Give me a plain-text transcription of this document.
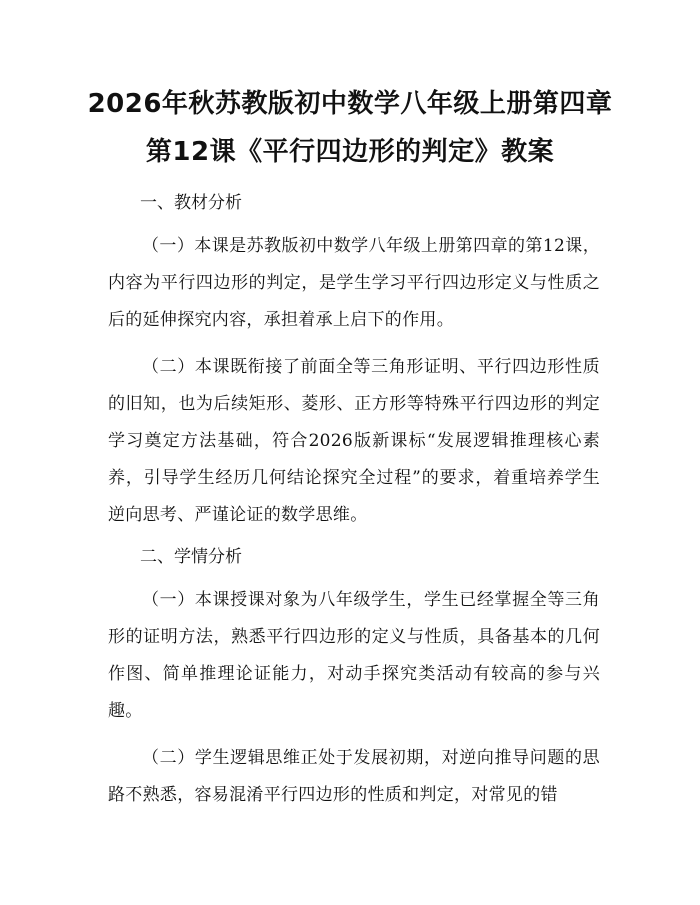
2026年秋苏教版初中数学八年级上册第四章
第12课《平行四边形的判定》教案
一、教材分析
（一）本课是苏教版初中数学八年级上册第四章的第12课，内容为平行四边形的判定，是学生学习平行四边形定义与性质之后的延伸探究内容，承担着承上启下的作用。
（二）本课既衔接了前面全等三角形证明、平行四边形性质的旧知，也为后续矩形、菱形、正方形等特殊平行四边形的判定学习奠定方法基础，符合2026版新课标“发展逻辑推理核心素养，引导学生经历几何结论探究全过程”的要求，着重培养学生逆向思考、严谨论证的数学思维。
二、学情分析
（一）本课授课对象为八年级学生，学生已经掌握全等三角形的证明方法，熟悉平行四边形的定义与性质，具备基本的几何作图、简单推理论证能力，对动手探究类活动有较高的参与兴趣。
（二）学生逻辑思维正处于发展初期，对逆向推导问题的思路不熟悉，容易混淆平行四边形的性质和判定，对常见的错
